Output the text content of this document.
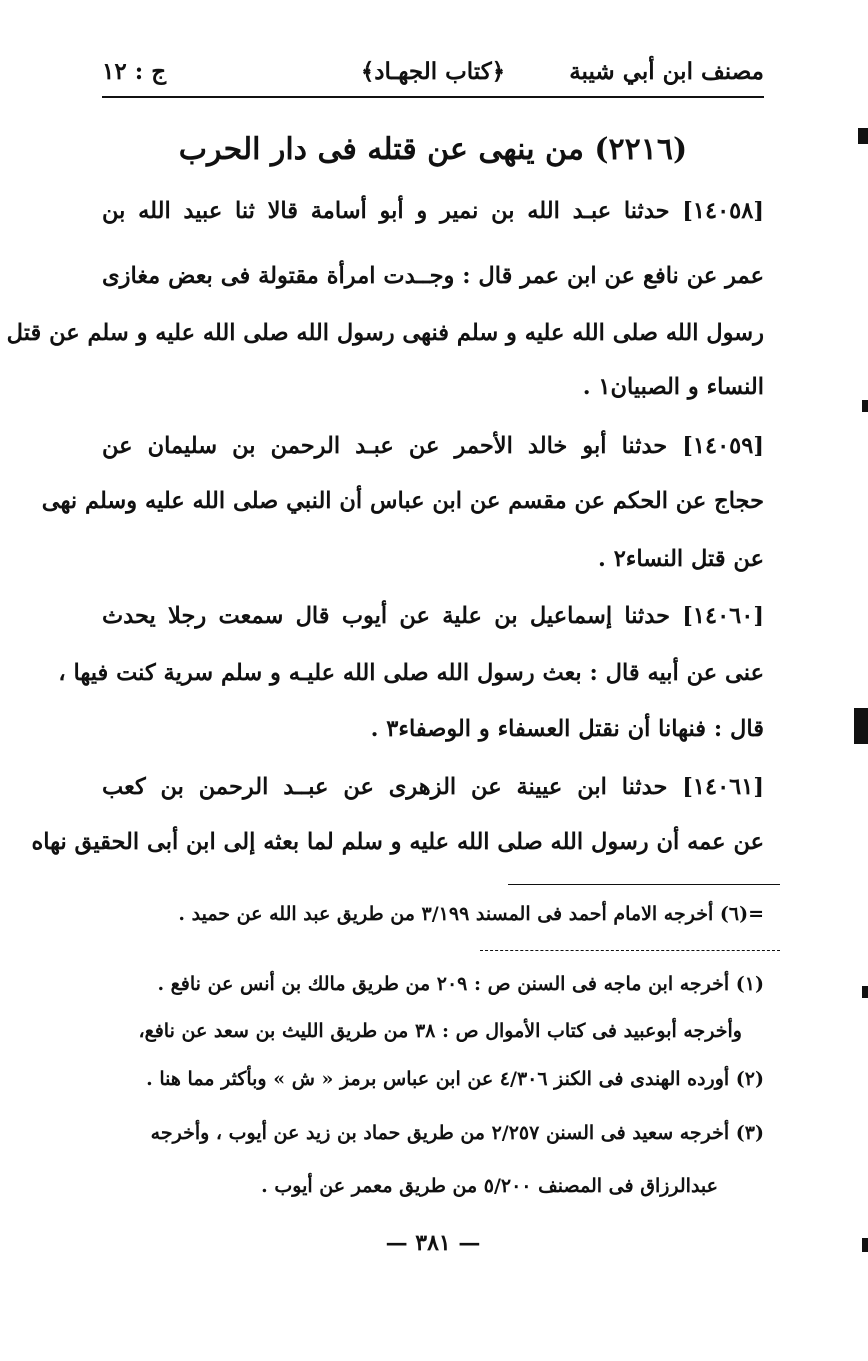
مصنف ابن أبي شيبة
﴿كتاب الجهـاد﴾
ج : ١٢
(٢٢١٦) من ينهى عن قتله فى دار الحرب
[١٤٠٥٨] حدثنا عبـد الله بن نمير و أبو أسامة قالا ثنا عبيد الله بن
عمر عن نافع عن ابن عمر قال : وجــدت امرأة مقتولة فى بعض مغازى
رسول الله صلى الله عليه و سلم فنهى رسول الله صلى الله عليه و سلم عن قتل
النساء و الصبيان١ .
[١٤٠٥٩] حدثنا أبو خالد الأحمر عن عبـد الرحمن بن سليمان عن
حجاج عن الحكم عن مقسم عن ابن عباس أن النبي صلى الله عليه وسلم نهى
عن قتل النساء٢ .
[١٤٠٦٠] حدثنا إسماعيل بن علية عن أيوب قال سمعت رجلا يحدث
عنى عن أبيه قال : بعث رسول الله صلى الله عليـه و سلم سرية كنت فيها ،
قال : فنهانا أن نقتل العسفاء و الوصفاء٣ .
[١٤٠٦١] حدثنا ابن عيينة عن الزهرى عن عبــد الرحمن بن كعب
عن عمه أن رسول الله صلى الله عليه و سلم لما بعثه إلى ابن أبى الحقيق نهاه
=(٦) أخرجه الامام أحمد فى المسند ٣/١٩٩ من طريق عبد الله عن حميد .
(١) أخرجه ابن ماجه فى السنن ص : ٢٠٩ من طريق مالك بن أنس عن نافع .
وأخرجه أبوعبيد فى كتاب الأموال ص : ٣٨ من طريق الليث بن سعد عن نافع،
(٢) أورده الهندى فى الكنز ٤/٣٠٦ عن ابن عباس برمز « ش » وبأكثر مما هنا .
(٣) أخرجه سعيد فى السنن ٢/٢٥٧ من طريق حماد بن زيد عن أيوب ، وأخرجه
عبدالرزاق فى المصنف ٥/٢٠٠ من طريق معمر عن أيوب .
— ٣٨١ —
